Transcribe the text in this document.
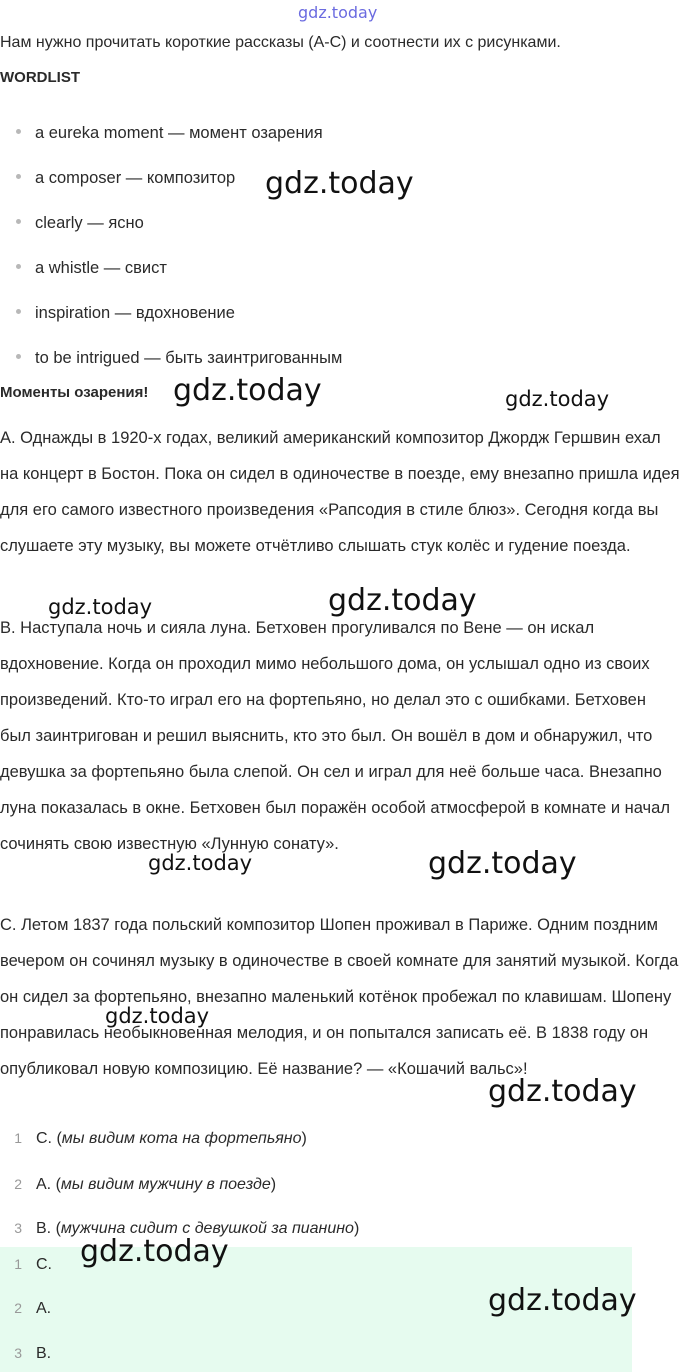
gdz.today
Нам нужно прочитать короткие рассказы (A-C) и соотнести их с рисунками.
WORDLIST
a eureka moment — момент озарения
a composer — композитор
clearly — ясно
a whistle — свист
inspiration — вдохновение
to be intrigued — быть заинтригованным
Моменты озарения!

A. Однажды в 1920-х годах, великий американский композитор Джордж Гершвин ехал на концерт в Бостон. Пока он сидел в одиночестве в поезде, ему внезапно пришла идея для его самого известного произведения «Рапсодия в стиле блюз». Сегодня когда вы слушаете эту музыку, вы можете отчётливо слышать стук колёс и гудение поезда.

B. Наступала ночь и сияла луна. Бетховен прогуливался по Вене — он искал вдохновение. Когда он проходил мимо небольшого дома, он услышал одно из своих произведений. Кто-то играл его на фортепьяно, но делал это с ошибками. Бетховен был заинтригован и решил выяснить, кто это был. Он вошёл в дом и обнаружил, что девушка за фортепьяно была слепой. Он сел и играл для неё больше часа. Внезапно луна показалась в окне. Бетховен был поражён особой атмосферой в комнате и начал сочинять свою известную «Лунную сонату».

C. Летом 1837 года польский композитор Шопен проживал в Париже. Одним поздним вечером он сочинял музыку в одиночестве в своей комнате для занятий музыкой. Когда он сидел за фортепьяно, внезапно маленький котёнок пробежал по клавишам. Шопену понравилась необыкновенная мелодия, и он попытался записать её. В 1838 году он опубликовал новую композицию. Её название? — «Кошачий вальс»!

1 C. (мы видим кота на фортепьяно)
2 A. (мы видим мужчину в поезде)
3 B. (мужчина сидит с девушкой за пианино)
1 C.
2 A.
3 B.
gdz.today
gdz.today	gdz.today
gdz.today	gdz.today
gdz.today	gdz.today
gdz.today
gdz.today
gdz.today
gdz.today
